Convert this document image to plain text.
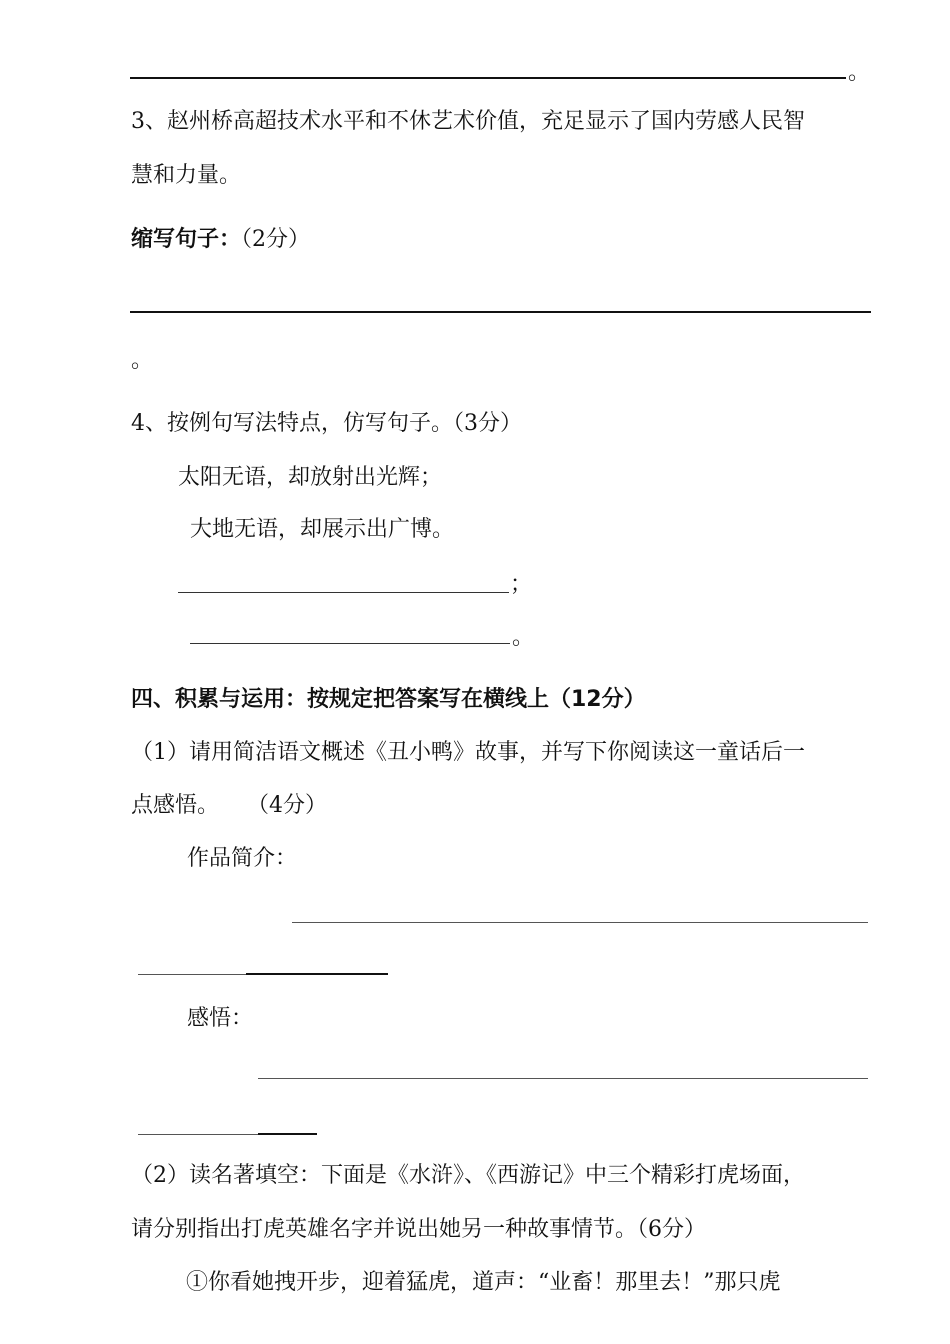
。
3、赵州桥高超技术水平和不休艺术价值，充足显示了国内劳感人民智
慧和力量。
缩写句子：（2分）
。
4、按例句写法特点，仿写句子。（3分）
太阳无语，却放射出光辉；
大地无语，却展示出广博。
；
。
四、积累与运用：按规定把答案写在横线上（12分）
（1）请用简洁语文概述《丑小鸭》故事，并写下你阅读这一童话后一
点感悟。    （4分）
作品简介：
感悟：
（2）读名著填空：下面是《水浒》、《西游记》中三个精彩打虎场面，
请分别指出打虎英雄名字并说出她另一种故事情节。（6分）
①你看她拽开步，迎着猛虎，道声：“业畜！那里去！”那只虎
